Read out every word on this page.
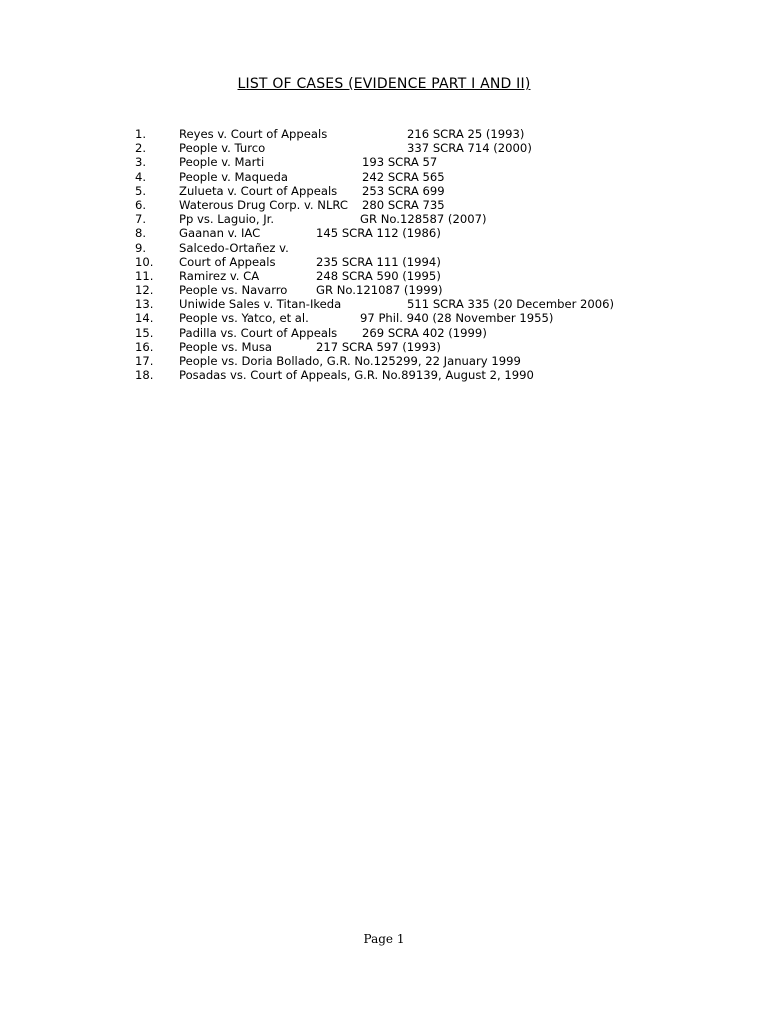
LIST OF CASES (EVIDENCE PART I AND II)
1.	Reyes v. Court of Appeals	216 SCRA 25 (1993)
2.	People v. Turco	337 SCRA 714 (2000)
3.	People v. Marti	193 SCRA 57
4.	People v. Maqueda	242 SCRA 565
5.	Zulueta v. Court of Appeals 253 SCRA 699
6.	Waterous Drug Corp. v. NLRC 280 SCRA 735
7.	Pp vs. Laguio, Jr.	GR No.128587 (2007)
8.	Gaanan v. IAC	145 SCRA 112 (1986)
9.	Salcedo-Ortañez v.
10. Court of Appeals	235 SCRA 111 (1994)
11. Ramirez v. CA	248 SCRA 590 (1995)
12. People vs. Navarro GR No.121087 (1999)
13. Uniwide Sales v. Titan-Ikeda	511 SCRA 335 (20 December 2006)
14. People vs. Yatco, et al.	97 Phil. 940 (28 November 1955)
15. Padilla vs. Court of Appeals 269 SCRA 402 (1999)
16. People vs. Musa	217 SCRA 597 (1993)
17. People vs. Doria Bollado, G.R. No.125299, 22 January 1999
18. Posadas vs. Court of Appeals, G.R. No.89139, August 2, 1990
Page 1
